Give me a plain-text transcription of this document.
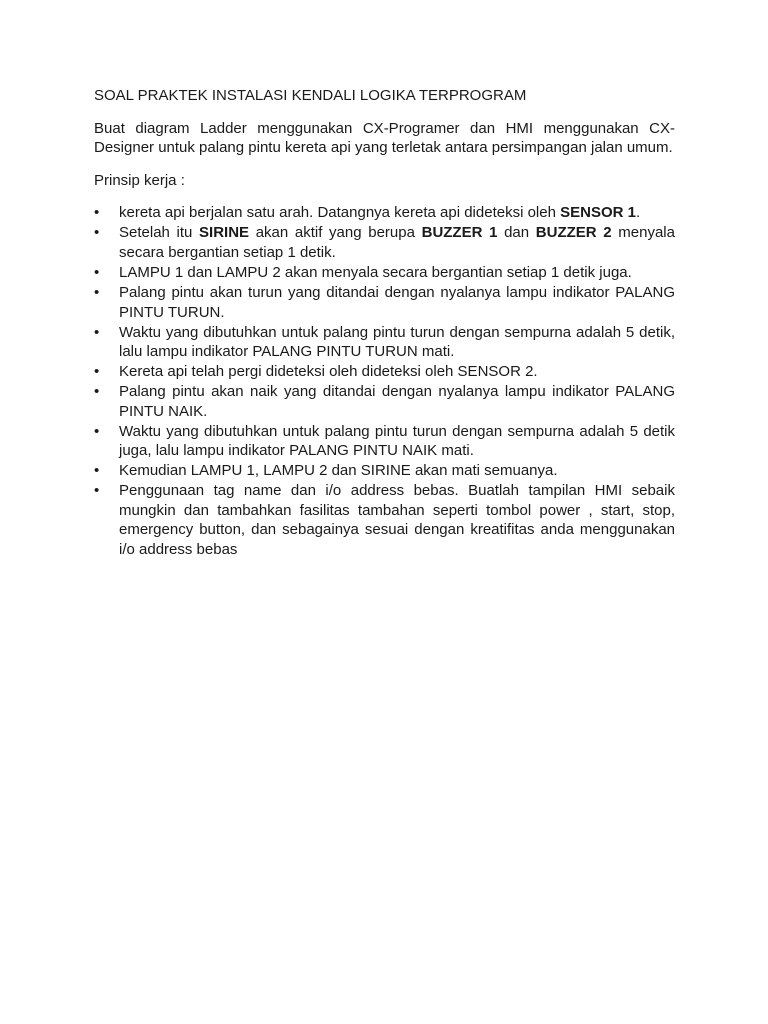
SOAL PRAKTEK INSTALASI KENDALI LOGIKA TERPROGRAM
Buat diagram Ladder menggunakan CX-Programer dan HMI menggunakan CX-Designer untuk palang pintu kereta api yang terletak antara persimpangan jalan umum.
Prinsip kerja :
•	kereta api berjalan satu arah. Datangnya kereta api dideteksi oleh SENSOR 1.
•	Setelah itu SIRINE akan aktif yang berupa BUZZER 1 dan BUZZER 2 menyala secara bergantian setiap 1 detik.
•	LAMPU 1 dan LAMPU 2 akan menyala secara bergantian setiap 1 detik juga.
•	Palang pintu akan turun yang ditandai dengan nyalanya lampu indikator PALANG PINTU TURUN.
•	Waktu yang dibutuhkan untuk palang pintu turun dengan sempurna adalah 5 detik, lalu lampu indikator PALANG PINTU TURUN mati.
•	Kereta api telah pergi dideteksi oleh dideteksi oleh SENSOR 2.
•	Palang pintu akan naik yang ditandai dengan nyalanya lampu indikator PALANG PINTU NAIK.
•	Waktu yang dibutuhkan untuk palang pintu turun dengan sempurna adalah 5 detik juga, lalu lampu indikator PALANG PINTU NAIK mati.
•	Kemudian LAMPU 1, LAMPU 2 dan SIRINE akan mati semuanya.
•	Penggunaan tag name dan i/o address bebas. Buatlah tampilan HMI sebaik mungkin dan tambahkan fasilitas tambahan seperti tombol power , start, stop, emergency button, dan sebagainya sesuai dengan kreatifitas anda menggunakan i/o address bebas
